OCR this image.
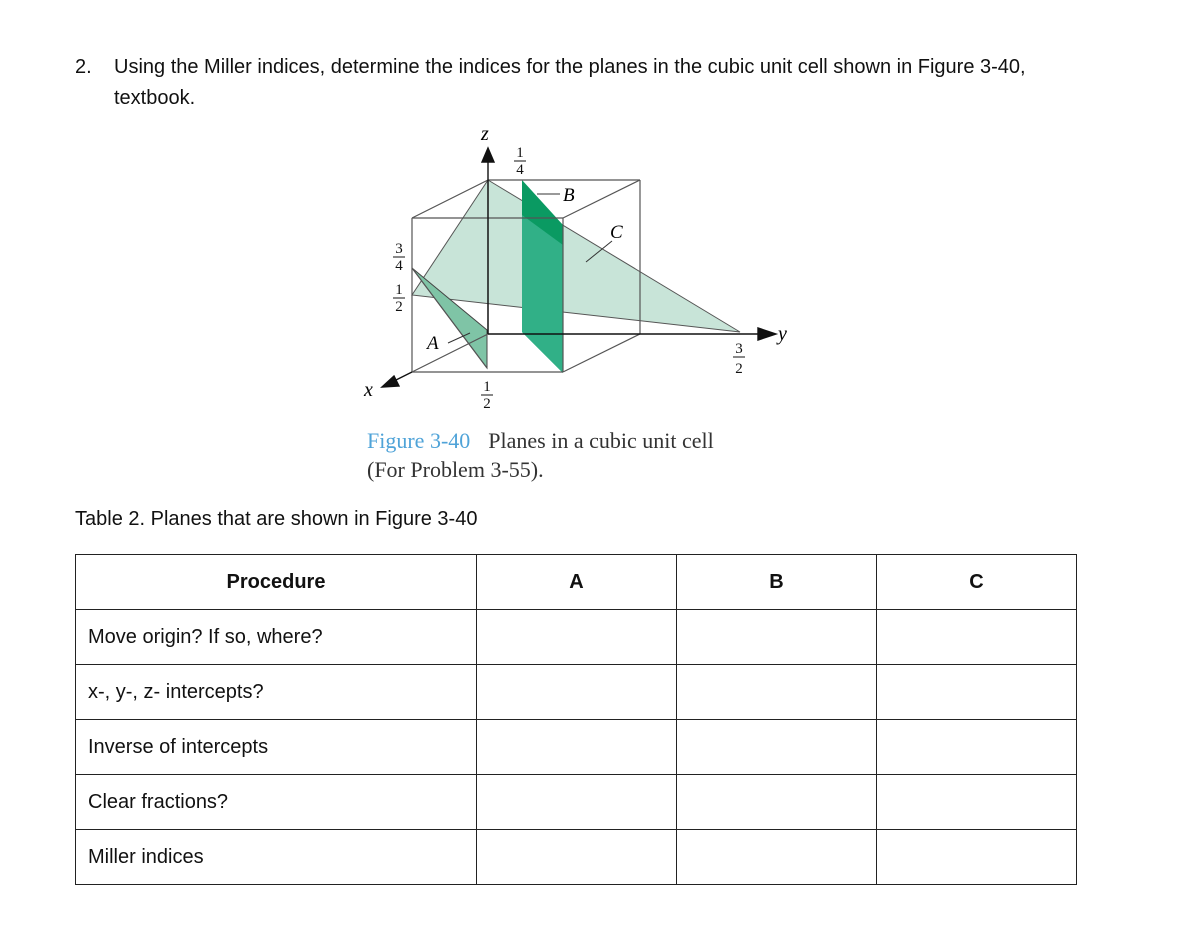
2. Using the Miller indices, determine the indices for the planes in the cubic unit cell shown in Figure 3-40, textbook.
z
y
x
B
C
A
1
4
3
4
1
2
1
2
3
2
Figure 3-40 Planes in a cubic unit cell
(For Problem 3-55).
Table 2. Planes that are shown in Figure 3-40
Procedure	A	B	C
Move origin? If so, where?			
x-, y-, z- intercepts?			
Inverse of intercepts			
Clear fractions?			
Miller indices			
